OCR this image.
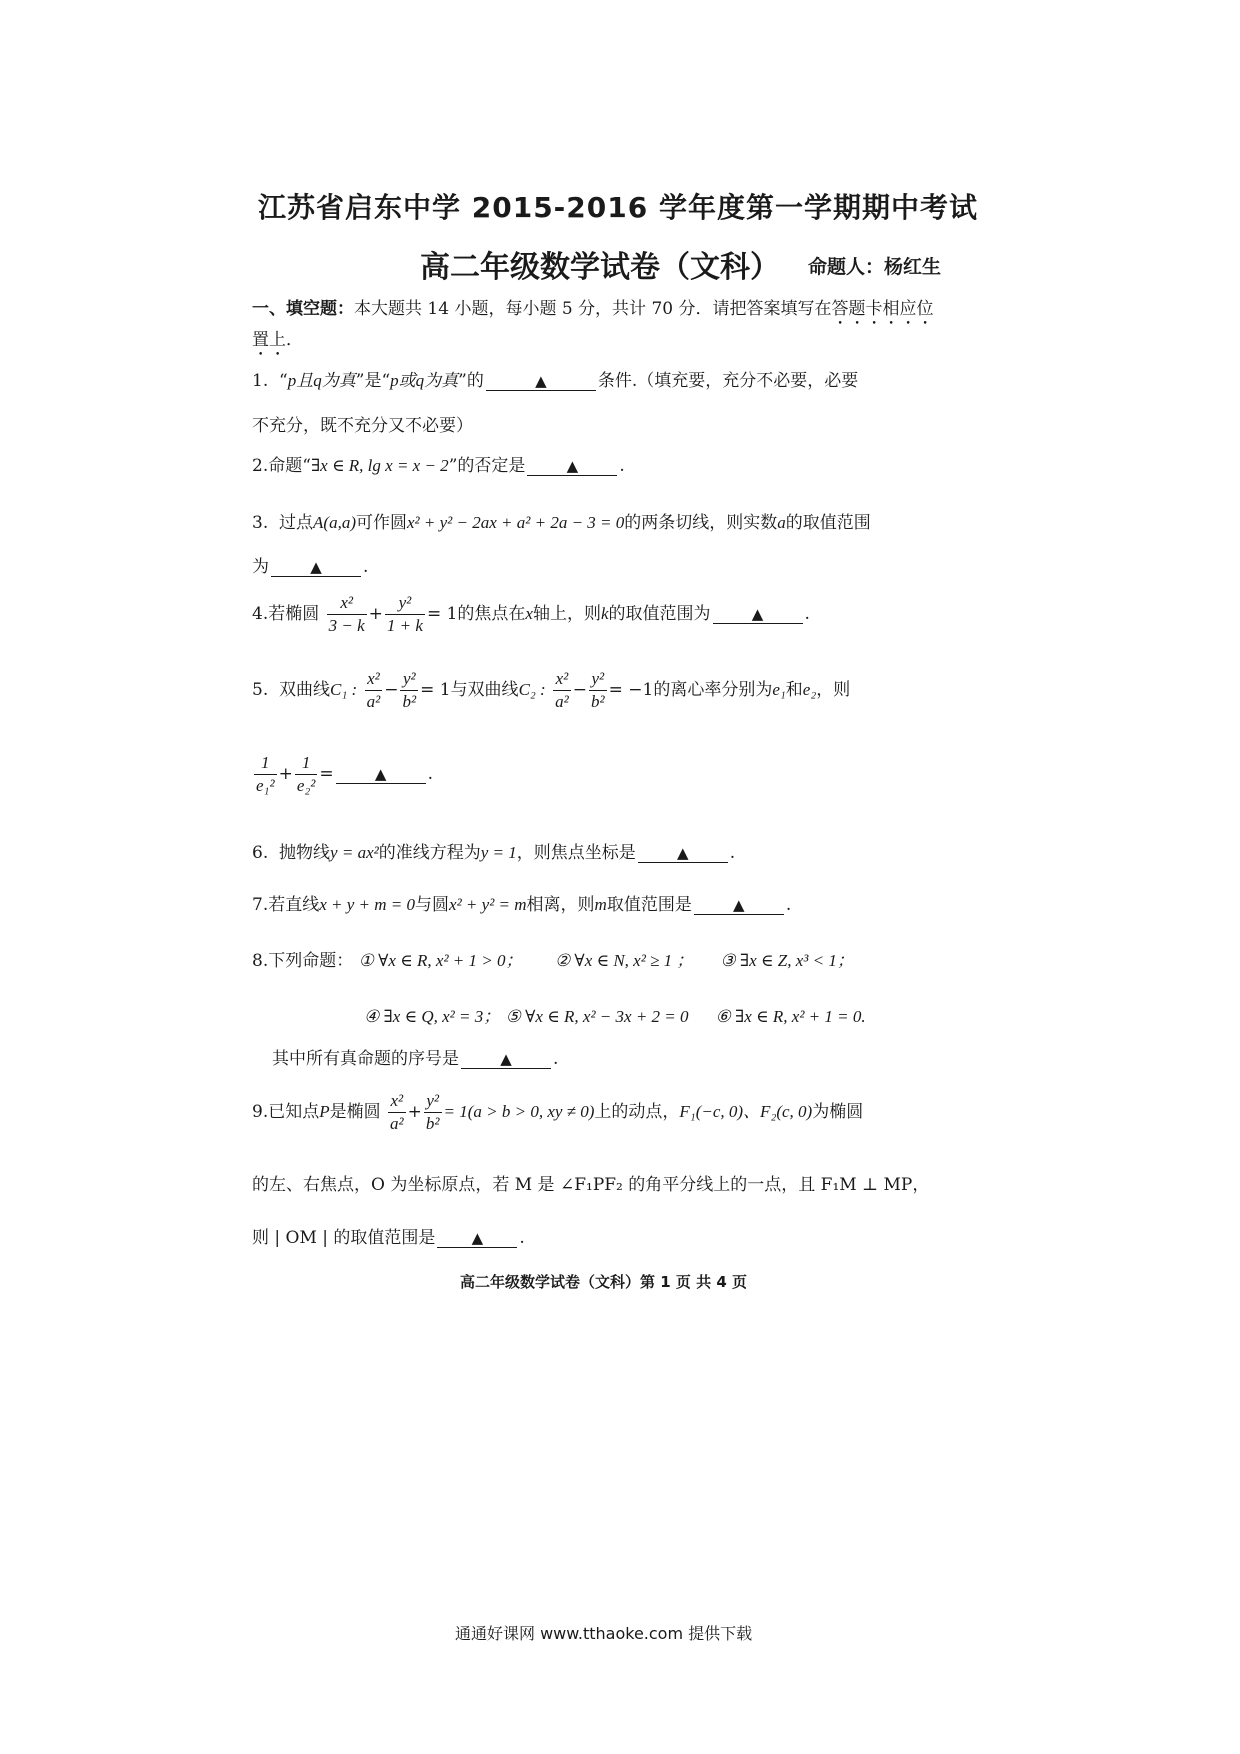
江苏省启东中学 2015-2016 学年度第一学期期中考试
高二年级数学试卷（文科） 命题人：杨红生
一、填空题：本大题共 14 小题，每小题 5 分，共计 70 分．请把答案填写在答题卡相应位
置上．
1. “p且q为真”是“p或q为真”的	▲	条件.（填充要，充分不必要，必要
不充分，既不充分又不必要）
2.命题“∃x ∈ R, lg x = x − 2”的否定是	▲ .
3. 过点A(a,a)可作圆x² + y² − 2ax + a² + 2a − 3 = 0的两条切线，则实数a的取值范围
为	▲ .
4.若椭圆 $\frac{\text{x²}}{3 - k} + \frac{\text{y²}}{1 + k} = 1$的焦点在x轴上，则k的取值范围为	▲ .
5. 双曲线C₁ : $\frac{\text{x²}}{\text{a²}} - \frac{\text{y²}}{\text{b²}} = 1$与双曲线C₂ : $\frac{\text{x²}}{\text{a²}} - \frac{\text{y²}}{\text{b²}} = -1$的离心率分别为e₁和e₂，则
$\frac{1}{\text{e₁²}} + \frac{1}{\text{e₂²}}$ =	▲ .
6. 抛物线y = ax²的准线方程为y = 1，则焦点坐标是	▲ .
7.若直线x + y + m = 0与圆x² + y² = m相离，则m取值范围是	▲ .
8.下列命题： ① ∀x ∈ R, x² + 1 > 0； ② ∀x ∈ N, x² ≥ 1 ； ③ ∃x ∈ Z, x³ < 1；
④ ∃x ∈ Q, x² = 3； ⑤ ∀x ∈ R, x² − 3x + 2 = 0 ⑥ ∃x ∈ R, x² + 1 = 0.
其中所有真命题的序号是	▲ .
9.已知点P是椭圆 $\frac{\text{x²}}{\text{a²}} + \frac{\text{y²}}{\text{b²}} = 1(a > b > 0$, xy ≠ 0)上的动点，F₁(−c, 0)、F₂(c, 0)为椭圆
的左、右焦点，O 为坐标原点，若 M 是 ∠F₁PF₂ 的角平分线上的一点，且 F₁M ⊥ MP，
则 | OM | 的取值范围是 ▲ .
高二年级数学试卷（文科）第 1 页 共 4 页
通通好课网 www.tthaoke.com 提供下载
